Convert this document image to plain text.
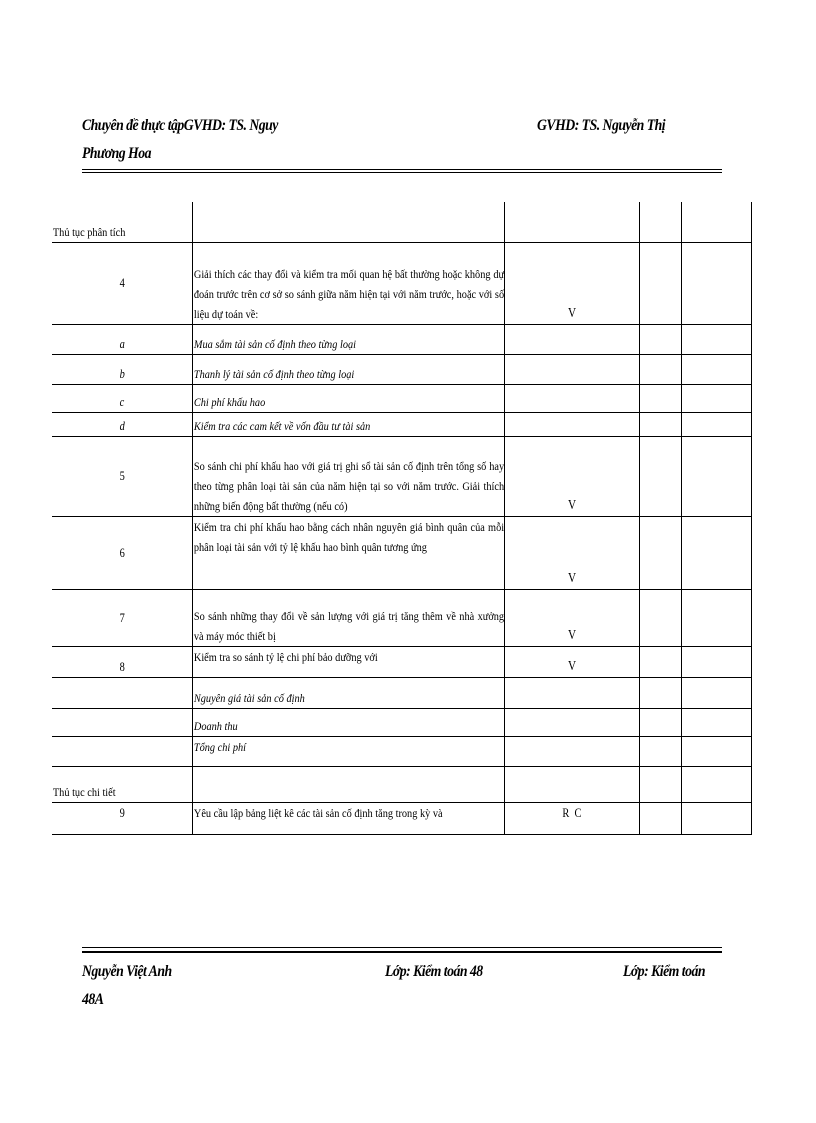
Chuyên đề thực tậpGVHD: TS. Nguy
Phương Hoa
GVHD: TS. Nguyễn Thị
Thủ tục phân tích				

4	Giải thích các thay đổi và kiểm tra mối quan hệ bất thường hoặc không dự đoán trước trên cơ sở so sánh giữa năm hiện tại với năm trước, hoặc với số liệu dự toán về:	V		
a	Mua sắm tài sản cố định theo từng loại			

b	Thanh lý tài sản cố định theo từng loại			

c	Chi phí khấu hao			

d	Kiểm tra các cam kết về vốn đầu tư tài sản			

5	So sánh chi phí khấu hao với giá trị ghi sổ tài sản cố định trên tổng số hay theo từng phân loại tài sản của năm hiện tại so với năm trước. Giải thích những biến động bất thường (nếu có)	V		
6	Kiểm tra chi phí khấu hao bằng cách nhân nguyên giá bình quân của mỗi phân loại tài sản với tỷ lệ khấu hao bình quân tương ứng	V		
7	So sánh những thay đổi về sản lượng với giá trị tăng thêm về nhà xưởng và máy móc thiết bị	V		
8	Kiểm tra so sánh tỷ lệ chi phí bảo dưỡng với	V		

	Nguyên giá tài sản cố định			

	Doanh thu			

	Tổng chi phí			

Thủ tục chi tiết				

9	Yêu cầu lập bảng liệt kê các tài sản cố định tăng trong kỳ và	R  C		
Nguyễn Việt Anh
48A
Lớp: Kiểm toán 48	Lớp: Kiểm toán
